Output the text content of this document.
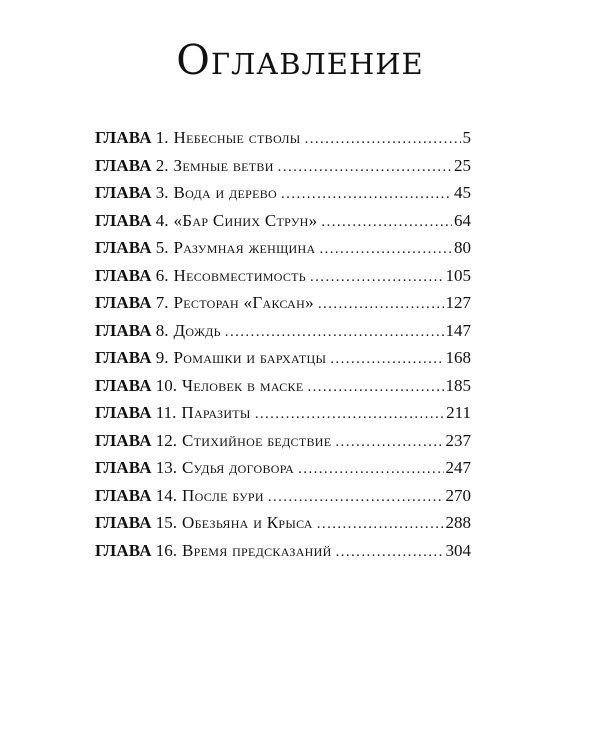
Оглавление
ГЛАВА 1 . Небесные стволы .....	5
ГЛАВА 2 . Земные ветви .....	25
ГЛАВА 3 . Вода и дерево .....	45
ГЛАВА 4 . «Бар Синих Струн» .....	64
ГЛАВА 5 . Разумная женщина .....	80
ГЛАВА 6 . Несовместимость .....	105
ГЛАВА 7 . Ресторан «Гаксан» .....	127
ГЛАВА 8 . Дождь .....	147
ГЛАВА 9 . Ромашки и бархатцы .....	168
ГЛАВА 10 . Человек в маске .....	185
ГЛАВА 11 . Паразиты .....	211
ГЛАВА 12 . Стихийное бедствие .....	237
ГЛАВА 13 . Судья договора .....	247
ГЛАВА 14 . После бури .....	270
ГЛАВА 15 . Обезьяна и Крыса .....	288
ГЛАВА 16 . Время предсказаний .....	304
